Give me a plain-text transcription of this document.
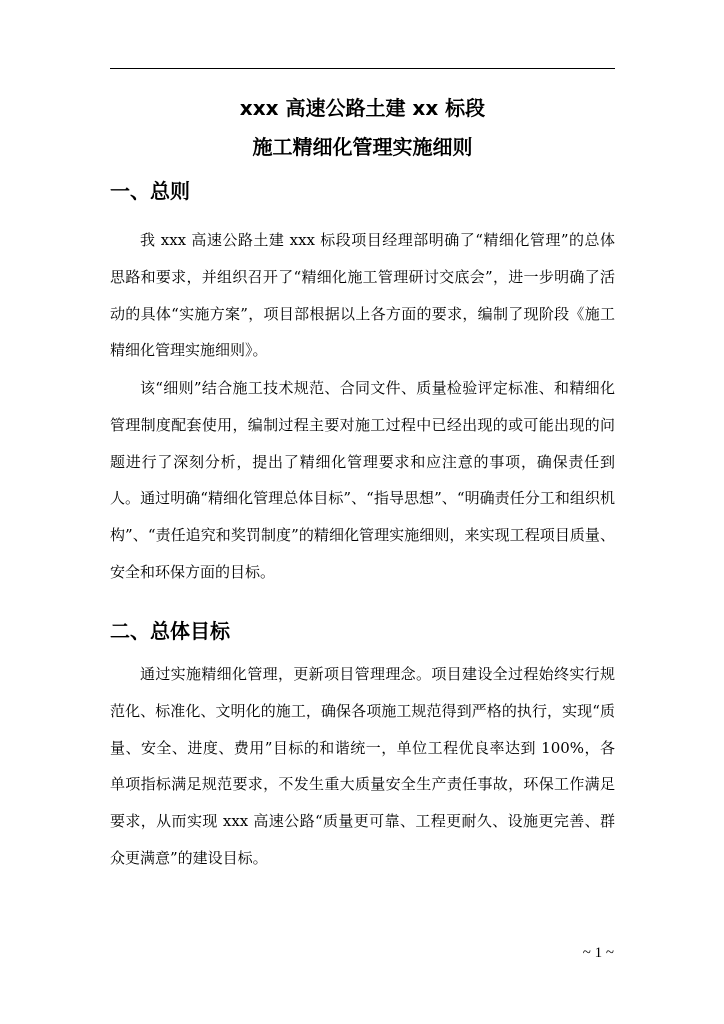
xxx 高速公路土建 xx 标段
施工精细化管理实施细则
一、总则

我 xxx 高速公路土建 xxx 标段项目经理部明确了“精细化管理”的总体思路和要求，并组织召开了“精细化施工管理研讨交底会”，进一步明确了活动的具体“实施方案”，项目部根据以上各方面的要求，编制了现阶段《施工精细化管理实施细则》。

该“细则”结合施工技术规范、合同文件、质量检验评定标准、和精细化管理制度配套使用，编制过程主要对施工过程中已经出现的或可能出现的问题进行了深刻分析，提出了精细化管理要求和应注意的事项，确保责任到人。通过明确“精细化管理总体目标”、“指导思想”、“明确责任分工和组织机构”、“责任追究和奖罚制度”的精细化管理实施细则，来实现工程项目质量、安全和环保方面的目标。

二、总体目标

通过实施精细化管理，更新项目管理理念。项目建设全过程始终实行规范化、标准化、文明化的施工，确保各项施工规范得到严格的执行，实现“质量、安全、进度、费用”目标的和谐统一，单位工程优良率达到 100%，各单项指标满足规范要求，不发生重大质量安全生产责任事故，环保工作满足要求，从而实现 xxx 高速公路“质量更可靠、工程更耐久、设施更完善、群众更满意”的建设目标。

~ 1 ~
